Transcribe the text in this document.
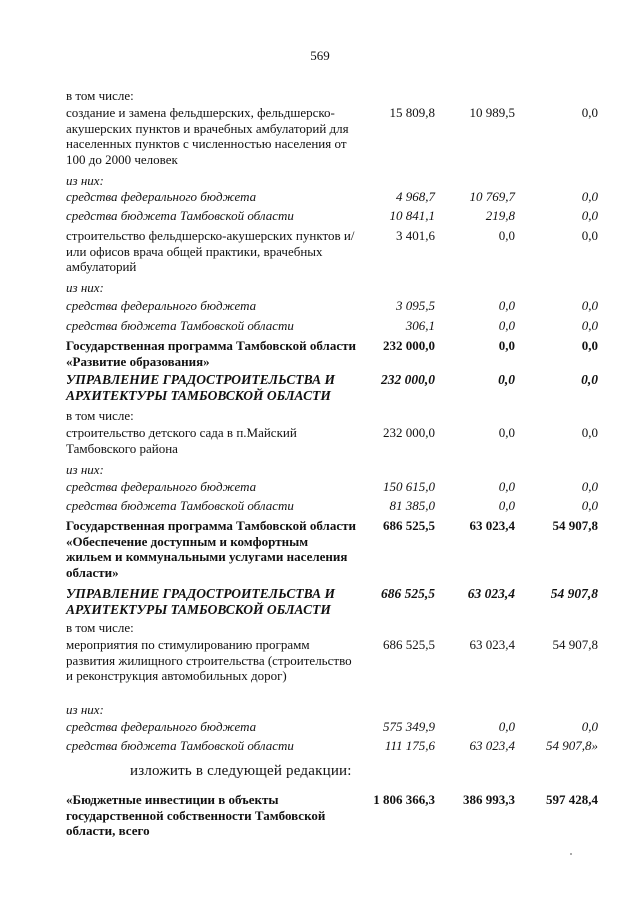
569
в том числе:
создание и замена фельдшерских, фельдшерско-акушерских пунктов и врачебных амбулаторий для населенных пунктов с численностью населения от 100 до 2000 человек
15 809,8	10 989,5	0,0
из них:
средства федерального бюджета	4 968,7	10 769,7	0,0
средства бюджета Тамбовской области	10 841,1	219,8	0,0
строительство фельдшерско-акушерских пунктов и/или офисов врача общей практики, врачебных амбулаторий
3 401,6	0,0	0,0
из них:
средства федерального бюджета	3 095,5	0,0	0,0
средства бюджета Тамбовской области	306,1	0,0	0,0
Государственная программа Тамбовской области «Развитие образования»
232 000,0	0,0	0,0
УПРАВЛЕНИЕ ГРАДОСТРОИТЕЛЬСТВА И АРХИТЕКТУРЫ ТАМБОВСКОЙ ОБЛАСТИ
232 000,0	0,0	0,0
в том числе:
строительство детского сада в п.Майский Тамбовского района
232 000,0	0,0	0,0
из них:
средства федерального бюджета	150 615,0	0,0	0,0
средства бюджета Тамбовской области	81 385,0	0,0	0,0
Государственная программа Тамбовской области «Обеспечение доступным и комфортным жильем и коммунальными услугами населения области»
686 525,5	63 023,4	54 907,8
УПРАВЛЕНИЕ ГРАДОСТРОИТЕЛЬСТВА И АРХИТЕКТУРЫ ТАМБОВСКОЙ ОБЛАСТИ
686 525,5	63 023,4	54 907,8
в том числе:
мероприятия по стимулированию программ развития жилищного строительства (строительство и реконструкция автомобильных дорог)
686 525,5	63 023,4	54 907,8
из них:
средства федерального бюджета	575 349,9	0,0	0,0
средства бюджета Тамбовской области	111 175,6	63 023,4	54 907,8»
изложить в следующей редакции:
«Бюджетные инвестиции в объекты государственной собственности Тамбовской области, всего
1 806 366,3	386 993,3	597 428,4
